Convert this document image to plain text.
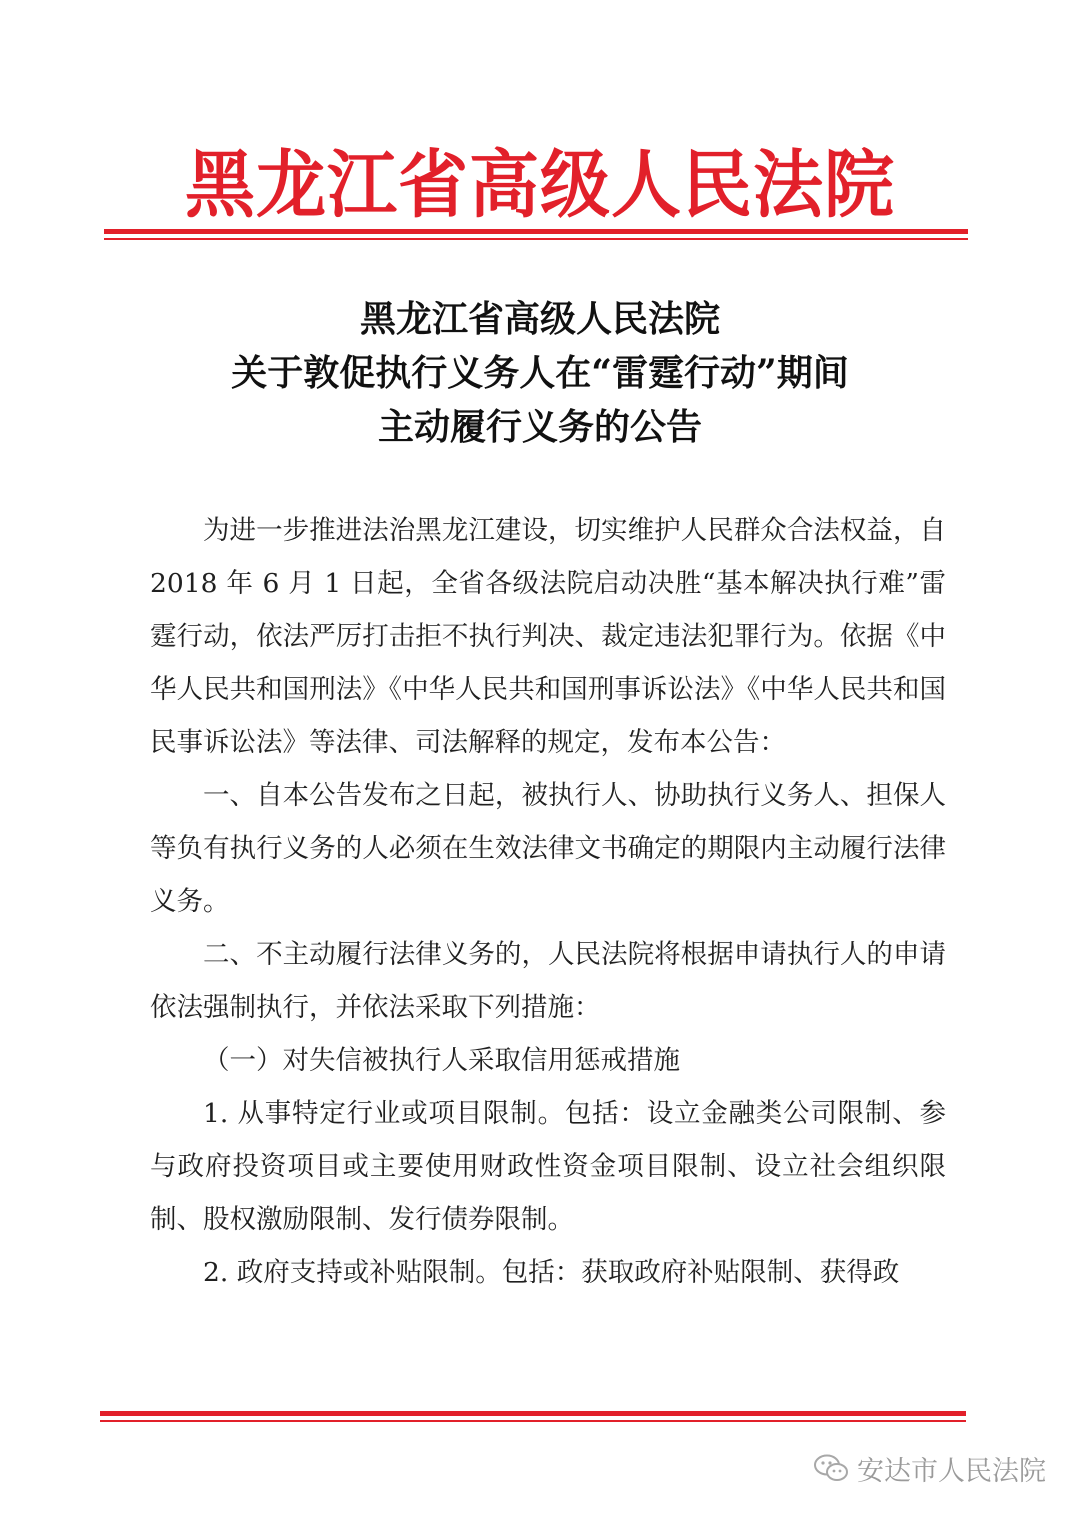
黑龙江省高级人民法院
黑龙江省高级人民法院
关于敦促执行义务人在“雷霆行动”期间
主动履行义务的公告

为进一步推进法治黑龙江建设，切实维护人民群众合法权益，自 2018 年 6 月 1 日起，全省各级法院启动决胜“基本解决执行难”雷霆行动，依法严厉打击拒不执行判决、裁定违法犯罪行为。依据《中华人民共和国刑法》《中华人民共和国刑事诉讼法》《中华人民共和国民事诉讼法》等法律、司法解释的规定，发布本公告：

一、自本公告发布之日起，被执行人、协助执行义务人、担保人等负有执行义务的人必须在生效法律文书确定的期限内主动履行法律义务。

二、不主动履行法律义务的，人民法院将根据申请执行人的申请依法强制执行，并依法采取下列措施：

（一）对失信被执行人采取信用惩戒措施

1. 从事特定行业或项目限制。包括：设立金融类公司限制、参与政府投资项目或主要使用财政性资金项目限制、设立社会组织限制、股权激励限制、发行债券限制。

2. 政府支持或补贴限制。包括：获取政府补贴限制、获得政

安达市人民法院
